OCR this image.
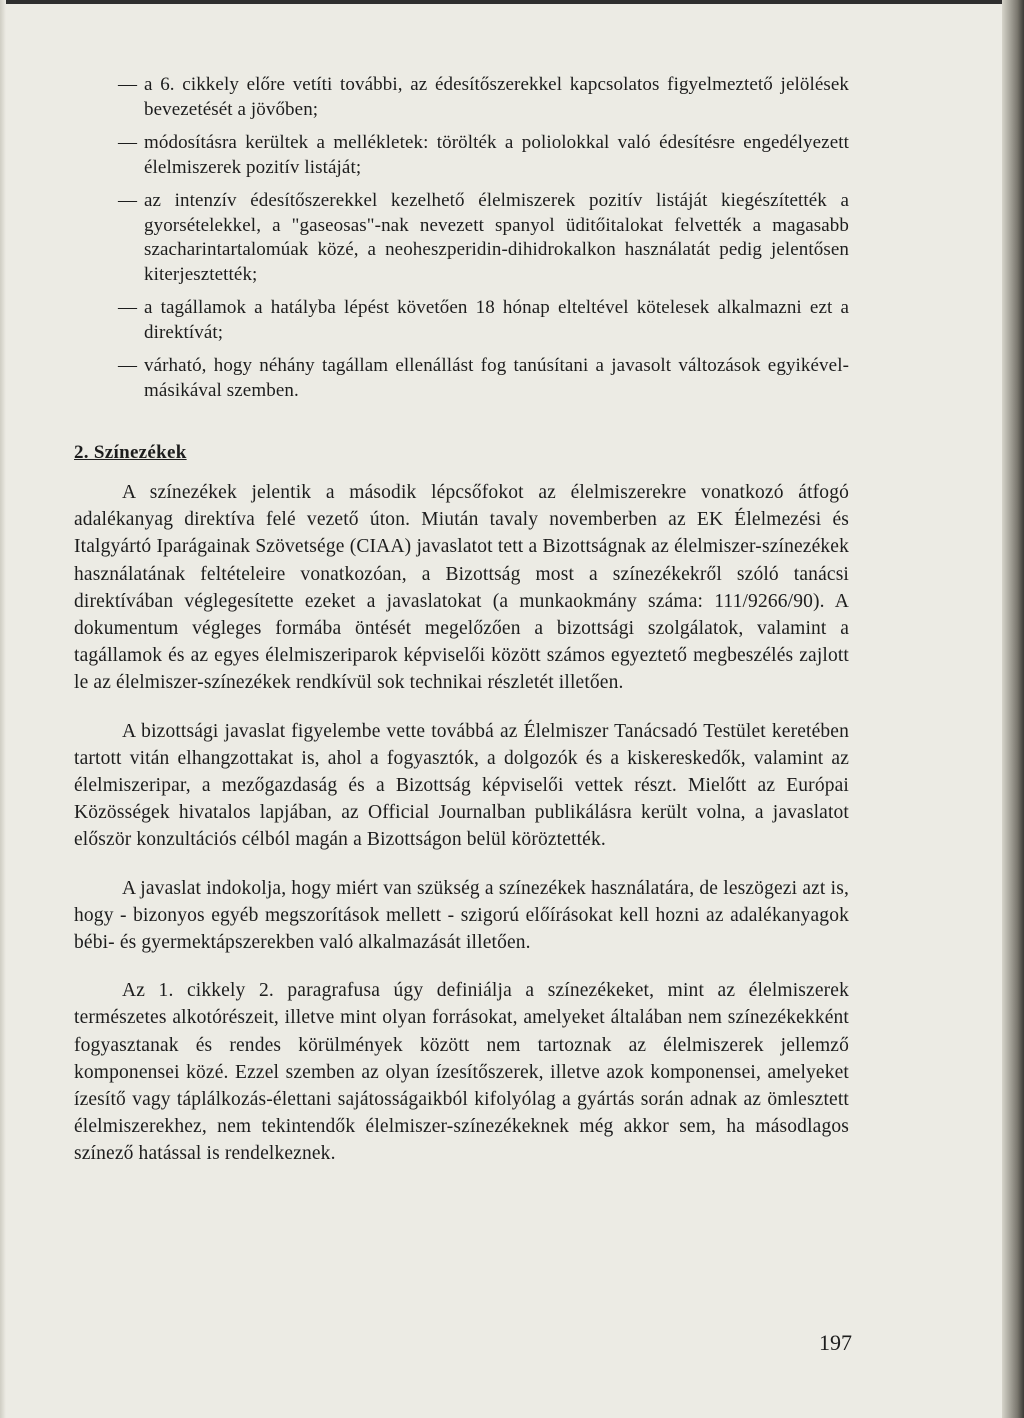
— a 6. cikkely előre vetíti további, az édesítőszerekkel kapcsolatos figyelmeztető jelölések bevezetését a jövőben;
— módosításra kerültek a mellékletek: törölték a poliolokkal való édesítésre engedélyezett élelmiszerek pozitív listáját;
— az intenzív édesítőszerekkel kezelhető élelmiszerek pozitív listáját kiegészítették a gyorsételekkel, a "gaseosas"-nak nevezett spanyol üditőitalokat felvették a magasabb szacharintartalomúak közé, a neoheszperidin-dihidrokalkon használatát pedig jelentősen kiterjesztették;
— a tagállamok a hatályba lépést követően 18 hónap elteltével kötelesek alkalmazni ezt a direktívát;
— várható, hogy néhány tagállam ellenállást fog tanúsítani a javasolt változások egyikével-másikával szemben.
2. Színezékek

A színezékek jelentik a második lépcsőfokot az élelmiszerekre vonatkozó átfogó adalékanyag direktíva felé vezető úton. Miután tavaly novemberben az EK Élelmezési és Italgyártó Iparágainak Szövetsége (CIAA) javaslatot tett a Bizottságnak az élelmiszer-színezékek használatának feltételeire vonatkozóan, a Bizottság most a színezékekről szóló tanácsi direktívában véglegesítette ezeket a javaslatokat (a munkaokmány száma: 111/9266/90). A dokumentum végleges formába öntését megelőzően a bizottsági szolgálatok, valamint a tagállamok és az egyes élelmiszeriparok képviselői között számos egyeztető megbeszélés zajlott le az élelmiszer-színezékek rendkívül sok technikai részletét illetően.

A bizottsági javaslat figyelembe vette továbbá az Élelmiszer Tanácsadó Testület keretében tartott vitán elhangzottakat is, ahol a fogyasztók, a dolgozók és a kiskereskedők, valamint az élelmiszeripar, a mezőgazdaság és a Bizottság képviselői vettek részt. Mielőtt az Európai Közösségek hivatalos lapjában, az Official Journalban publikálásra került volna, a javaslatot először konzultációs célból magán a Bizottságon belül köröztették.

A javaslat indokolja, hogy miért van szükség a színezékek használatára, de leszögezi azt is, hogy - bizonyos egyéb megszorítások mellett - szigorú előírásokat kell hozni az adalékanyagok bébi- és gyermektápszerekben való alkalmazását illetően.

Az 1. cikkely 2. paragrafusa úgy definiálja a színezékeket, mint az élelmiszerek természetes alkotórészeit, illetve mint olyan forrásokat, amelyeket általában nem színezékekként fogyasztanak és rendes körülmények között nem tartoznak az élelmiszerek jellemző komponensei közé. Ezzel szemben az olyan ízesítőszerek, illetve azok komponensei, amelyeket ízesítő vagy táplálkozás-élettani sajátosságaikból kifolyólag a gyártás során adnak az ömlesztett élelmiszerekhez, nem tekintendők élelmiszer-színezékeknek még akkor sem, ha másodlagos színező hatással is rendelkeznek.

197
